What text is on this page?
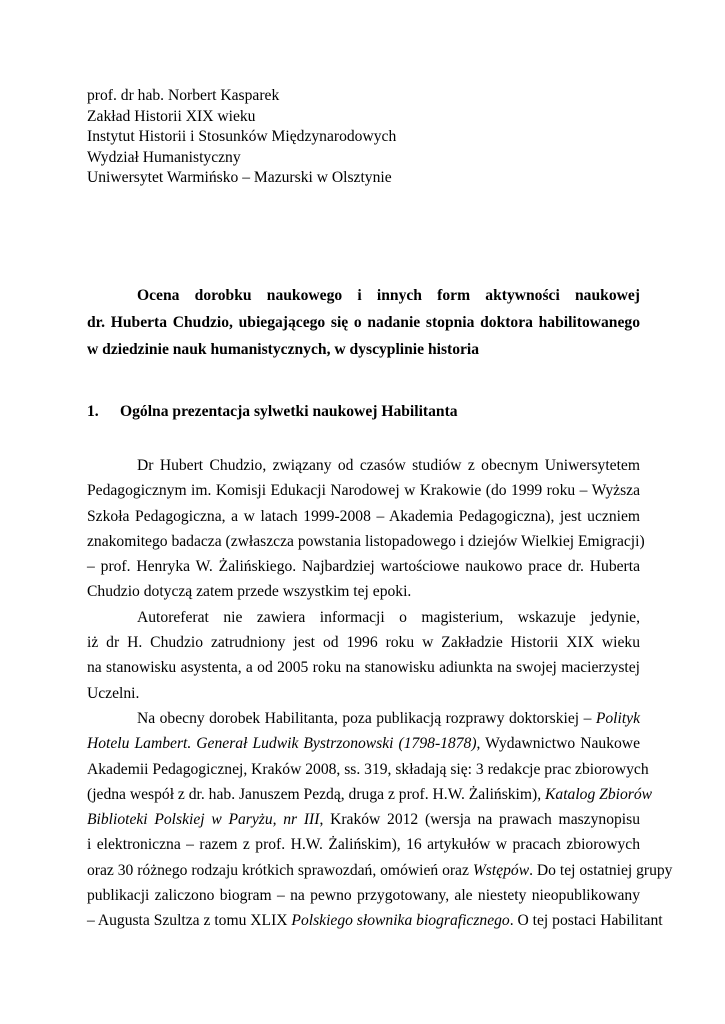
prof. dr hab. Norbert Kasparek
Zakład Historii XIX wieku
Instytut Historii i Stosunków Międzynarodowych
Wydział Humanistyczny
Uniwersytet Warmińsko – Mazurski w Olsztynie
Ocena dorobku naukowego i innych form aktywności naukowej
dr. Huberta Chudzio, ubiegającego się o nadanie stopnia doktora habilitowanego
w dziedzinie nauk humanistycznych, w dyscyplinie historia
1. Ogólna prezentacja sylwetki naukowej Habilitanta
Dr Hubert Chudzio, związany od czasów studiów z obecnym Uniwersytetem
Pedagogicznym im. Komisji Edukacji Narodowej w Krakowie (do 1999 roku – Wyższa
Szkoła Pedagogiczna, a w latach 1999-2008 – Akademia Pedagogiczna), jest uczniem
znakomitego badacza (zwłaszcza powstania listopadowego i dziejów Wielkiej Emigracji)
– prof. Henryka W. Żalińskiego. Najbardziej wartościowe naukowo prace dr. Huberta
Chudzio dotyczą zatem przede wszystkim tej epoki.
Autoreferat nie zawiera informacji o magisterium, wskazuje jedynie,
iż dr H. Chudzio zatrudniony jest od 1996 roku w Zakładzie Historii XIX wieku
na stanowisku asystenta, a od 2005 roku na stanowisku adiunkta na swojej macierzystej
Uczelni.
Na obecny dorobek Habilitanta, poza publikacją rozprawy doktorskiej – Polityk
Hotelu Lambert. Generał Ludwik Bystrzonowski (1798-1878), Wydawnictwo Naukowe
Akademii Pedagogicznej, Kraków 2008, ss. 319, składają się: 3 redakcje prac zbiorowych
(jedna wespół z dr. hab. Januszem Pezdą, druga z prof. H.W. Żalińskim), Katalog Zbiorów
Biblioteki Polskiej w Paryżu, nr III, Kraków 2012 (wersja na prawach maszynopisu
i elektroniczna – razem z prof. H.W. Żalińskim), 16 artykułów w pracach zbiorowych
oraz 30 różnego rodzaju krótkich sprawozdań, omówień oraz Wstępów. Do tej ostatniej grupy
publikacji zaliczono biogram – na pewno przygotowany, ale niestety nieopublikowany
– Augusta Szultza z tomu XLIX Polskiego słownika biograficznego. O tej postaci Habilitant
